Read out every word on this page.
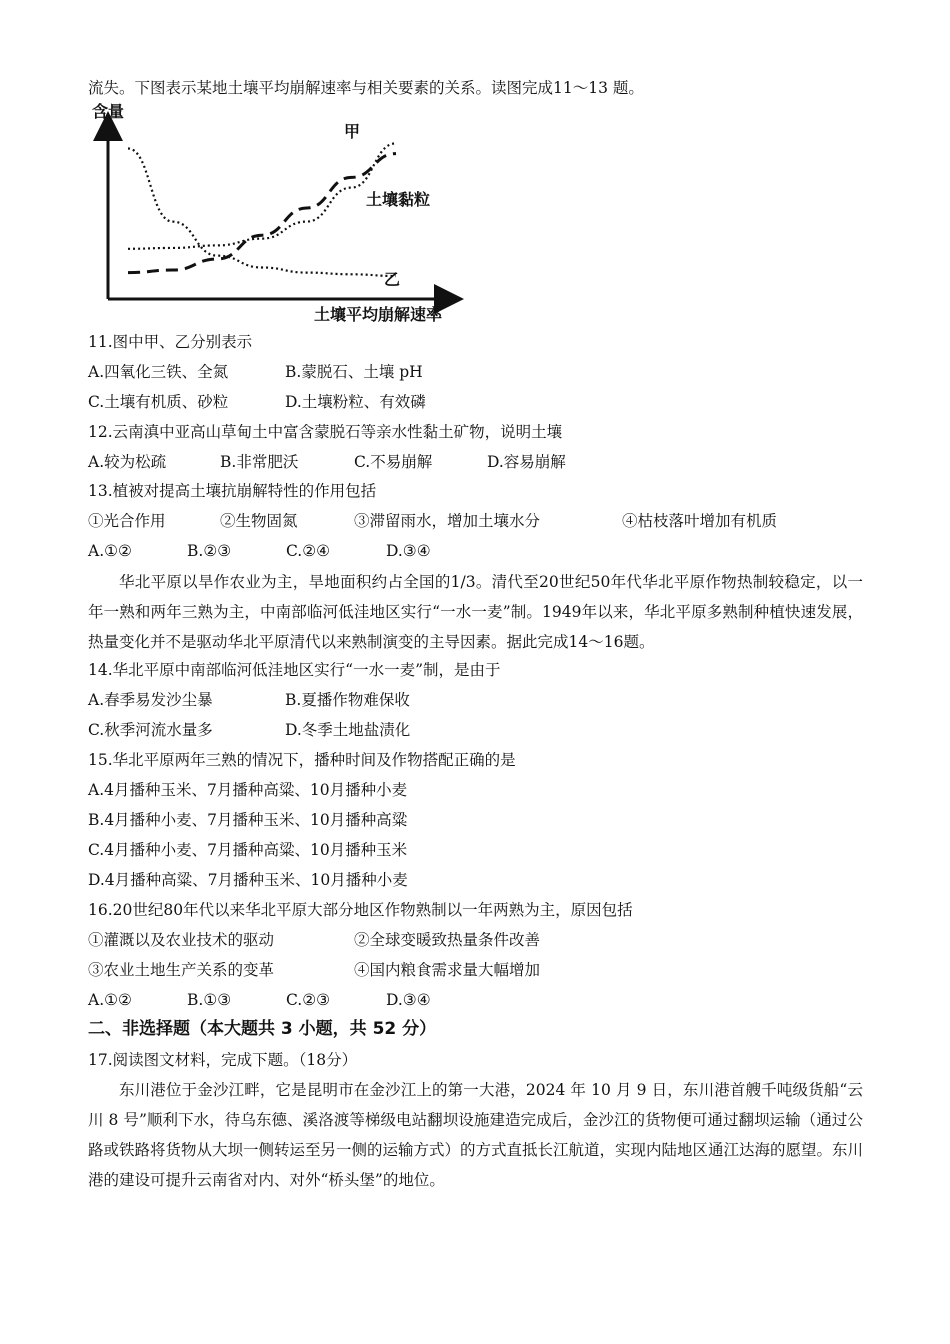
流失。下图表示某地土壤平均崩解速率与相关要素的关系。读图完成11～13 题。
含量
土壤平均崩解速率
甲
土壤黏粒
乙
11.图中甲、乙分别表示
A.四氧化三铁、全氮	B.蒙脱石、土壤 pH
C.土壤有机质、砂粒	D.土壤粉粒、有效磷
12.云南滇中亚高山草甸土中富含蒙脱石等亲水性黏土矿物，说明土壤
A.较为松疏	B.非常肥沃	C.不易崩解	D.容易崩解
13.植被对提高土壤抗崩解特性的作用包括
①光合作用	②生物固氮	③滞留雨水，增加土壤水分	④枯枝落叶增加有机质
A.①②	B.②③	C.②④	D.③④
华北平原以旱作农业为主，旱地面积约占全国的1/3。清代至20世纪50年代华北平原作物热制较稳定，以一年一熟和两年三熟为主，中南部临河低洼地区实行“一水一麦”制。1949年以来，华北平原多熟制种植快速发展，热量变化并不是驱动华北平原清代以来熟制演变的主导因素。据此完成14～16题。
14.华北平原中南部临河低洼地区实行“一水一麦”制，是由于
A.春季易发沙尘暴	B.夏播作物难保收
C.秋季河流水量多	D.冬季土地盐渍化
15.华北平原两年三熟的情况下，播种时间及作物搭配正确的是
A.4月播种玉米、7月播种高粱、10月播种小麦
B.4月播种小麦、7月播种玉米、10月播种高粱
C.4月播种小麦、7月播种高粱、10月播种玉米
D.4月播种高粱、7月播种玉米、10月播种小麦
16.20世纪80年代以来华北平原大部分地区作物熟制以一年两熟为主，原因包括
①灌溉以及农业技术的驱动	②全球变暖致热量条件改善
③农业土地生产关系的变革	④国内粮食需求量大幅增加
A.①②	B.①③	C.②③	D.③④
二、非选择题（本大题共 3 小题，共 52 分）
17.阅读图文材料，完成下题。（18分）
东川港位于金沙江畔，它是昆明市在金沙江上的第一大港，2024 年 10 月 9 日，东川港首艘千吨级货船“云川 8 号”顺利下水，待乌东德、溪洛渡等梯级电站翻坝设施建造完成后，金沙江的货物便可通过翻坝运输（通过公路或铁路将货物从大坝一侧转运至另一侧的运输方式）的方式直抵长江航道，实现内陆地区通江达海的愿望。东川港的建设可提升云南省对内、对外“桥头堡”的地位。
